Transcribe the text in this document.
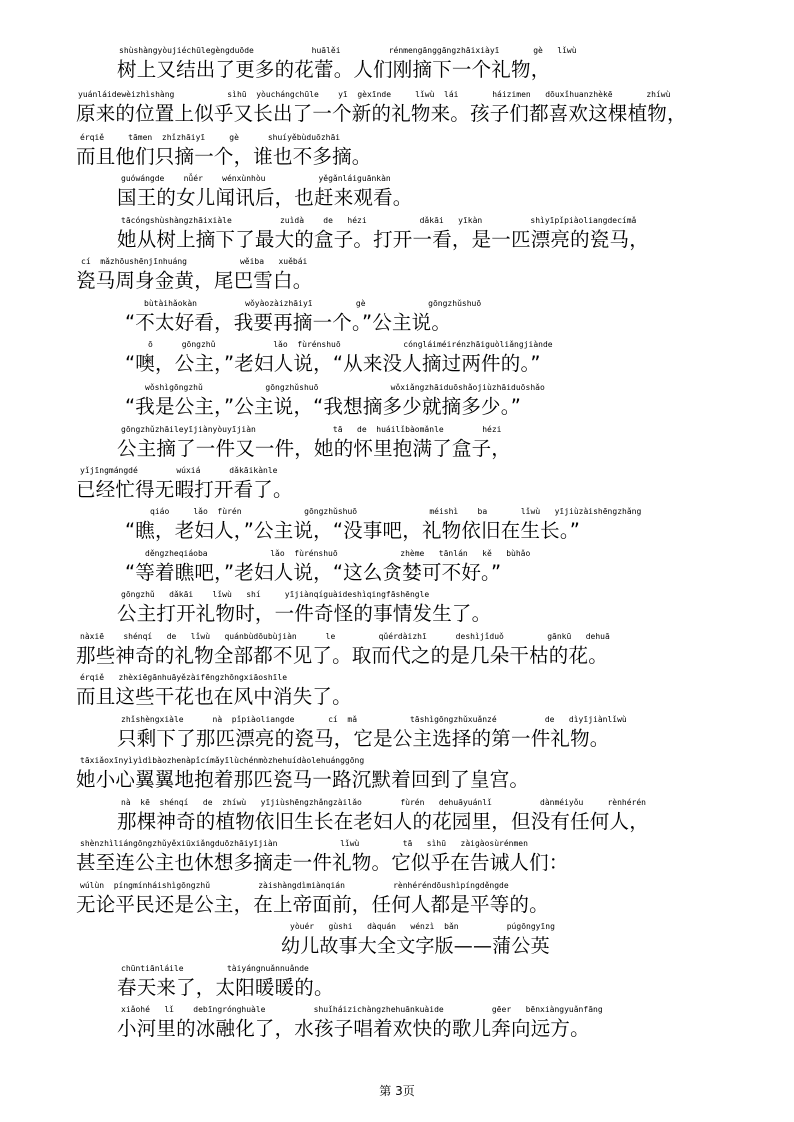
shùshàngyòujiéchūlegèngduōde            huālěi          rénmengānggāngzhāixiàyī       gè   lǐwù
树上又结出了更多的花蕾。人们刚摘下一个礼物，
yuánláidewèizhìshàng           sìhū  yòuchángchūle    yī  gèxīnde     lǐwù  lái       háizimen   dōuxǐhuanzhèkē       zhíwù
原来的位置上似乎又长出了一个新的礼物来。孩子们都喜欢这棵植物，
érqiě     tāmen  zhǐzhāiyī     gè      shuíyěbùduōzhāi
而且他们只摘一个，谁也不多摘。
guówángde    nǚér    wénxùnhòu           yěgǎnláiguānkàn
国王的女儿闻讯后，也赶来观看。
tācóngshùshàngzhāixiàle          zuìdà    de   hézi           dǎkāi   yīkàn          shìyīpǐpiàoliangdecímǎ
她从树上摘下了最大的盒子。打开一看，是一匹漂亮的瓷马，
cí  mǎzhōushēnjīnhuáng           wěiba   xuěbái
瓷马周身金黄，尾巴雪白。
bùtàihǎokàn          wǒyàozàizhāiyī         gè             gōngzhǔshuō
“不太好看，我要再摘一个。”公主说。
ō      gōngzhǔ            lǎo  fùrénshuō             cóngláiméirénzhāiguòliǎngjiànde
“噢，公主，”老妇人说，“从来没人摘过两件的。”
wǒshìgōngzhǔ             gōngzhǔshuō               wǒxiǎngzhāiduōshǎojiùzhāiduōshǎo
“我是公主，”公主说，“我想摘多少就摘多少。”
gōngzhǔzhāileyījiànyòuyījiàn                tā   de  huáilǐbàomǎnle        hézi
公主摘了一件又一件，她的怀里抱满了盒子，
yǐjīngmángdé        wúxiá      dǎkāikànle
已经忙得无暇打开看了。
qiáo     lǎo  fùrén             gōngzhǔshuō               méishì    ba       lǐwù   yījiùzàishēngzhǎng
“瞧，老妇人，”公主说，“没事吧，礼物依旧在生长。”
děngzheqiáoba             lǎo  fùrénshuō             zhème   tānlán   kě   bùhǎo
“等着瞧吧，”老妇人说，“这么贪婪可不好。”
gōngzhǔ   dǎkāi    lǐwù   shí     yījiànqíguàideshìqingfāshēngle
公主打开礼物时，一件奇怪的事情发生了。
nàxiē    shénqí   de   lǐwù   quánbùdōubùjiàn      le         qǔérdàizhī      deshìjǐduǒ         gānkū   dehuā
那些神奇的礼物全部都不见了。取而代之的是几朵干枯的花。
érqiě   zhèxiēgānhuāyězàifēngzhōngxiāoshīle
而且这些干花也在风中消失了。
zhǐshèngxiàle      nà  pǐpiàoliangde       cí  mǎ           tāshìgōngzhǔxuǎnzé          de   dìyījiànlǐwù
只剩下了那匹漂亮的瓷马，它是公主选择的第一件礼物。
tāxiǎoxīnyìyìdìbàozhenàpǐcímǎyīlùchénmòzhehuídàolehuánggōng
她小心翼翼地抱着那匹瓷马一路沉默着回到了皇宫。
nà  kē  shénqí   de  zhíwù   yījiùshēngzhǎngzàilǎo        fùrén   dehuāyuánlǐ          dànméiyǒu     rènhérén
那棵神奇的植物依旧生长在老妇人的花园里，但没有任何人，
shènzhìliángōngzhǔyěxiūxiǎngduōzhāiyījiàn             lǐwù         tā   sìhū   zàigàosùrénmen
甚至连公主也休想多摘走一件礼物。它似乎在告诫人们：
wúlùn  píngmínháishìgōngzhǔ          zàishàngdìmiànqián          rènhéréndōushìpíngděngde
无论平民还是公主，在上帝面前，任何人都是平等的。
yòuér   gùshi   dàquán   wénzì  bǎn          púgōngyīng
幼儿故事大全文字版——蒲公英
chūntiānláile         tàiyángnuǎnnuǎnde
春天来了，太阳暖暖的。
xiǎohé   lǐ    debīngrónghuàle          shuǐháizichàngzhehuānkuàide          gēer   bēnxiàngyuǎnfāng
小河里的冰融化了，水孩子唱着欢快的歌儿奔向远方。
第 3页
